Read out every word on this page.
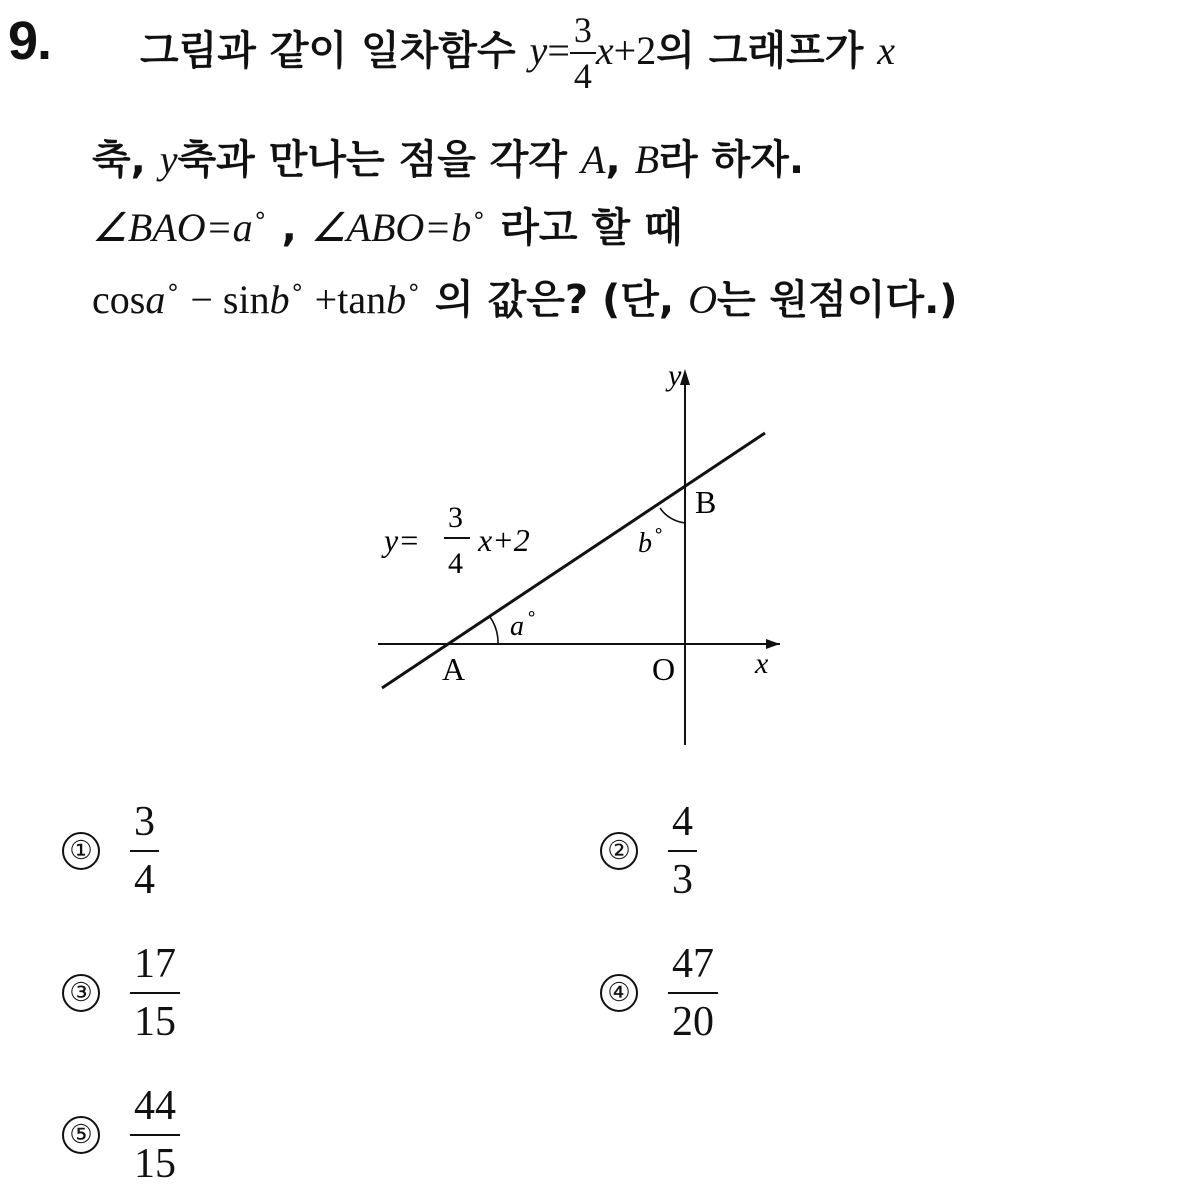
9. 그림과 같이 일차함수 $y= \frac{3}{4} x+2$의 그래프가 x
축, y축과 만나는 점을 각각 A, B라 하자.
∠BAO=a∘ , ∠ABO=b∘ 라고 할 때
cosa∘ − sinb∘ +tanb∘ 의 값은? (단, O는 원점이다.)
y
x
A
B
O
a ∘
b ∘
y=
3
4
x+2
① $\frac{3}{4}$	② $\frac{4}{3}$
③ $\frac{17}{15}$	④ $\frac{47}{20}$
⑤ $\frac{44}{15}$
